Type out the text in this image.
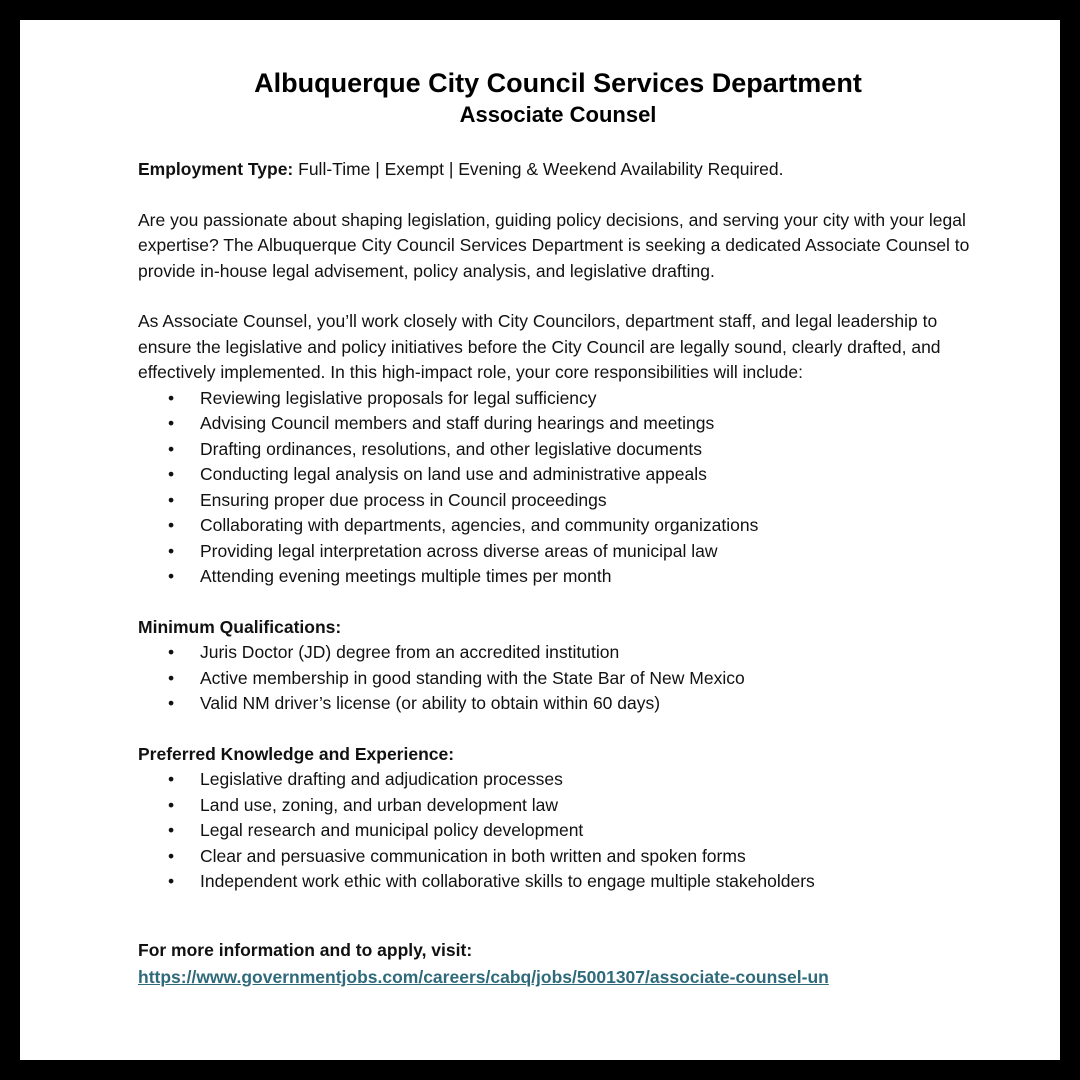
Albuquerque City Council Services Department
Associate Counsel
Employment Type: Full-Time | Exempt | Evening & Weekend Availability Required.

Are you passionate about shaping legislation, guiding policy decisions, and serving your city with your legal expertise? The Albuquerque City Council Services Department is seeking a dedicated Associate Counsel to provide in-house legal advisement, policy analysis, and legislative drafting.

As Associate Counsel, you’ll work closely with City Councilors, department staff, and legal leadership to ensure the legislative and policy initiatives before the City Council are legally sound, clearly drafted, and effectively implemented. In this high-impact role, your core responsibilities will include:

•	Reviewing legislative proposals for legal sufficiency
•	Advising Council members and staff during hearings and meetings
•	Drafting ordinances, resolutions, and other legislative documents
•	Conducting legal analysis on land use and administrative appeals
•	Ensuring proper due process in Council proceedings
•	Collaborating with departments, agencies, and community organizations
•	Providing legal interpretation across diverse areas of municipal law
•	Attending evening meetings multiple times per month
Minimum Qualifications:
•	Juris Doctor (JD) degree from an accredited institution
•	Active membership in good standing with the State Bar of New Mexico
•	Valid NM driver’s license (or ability to obtain within 60 days)
Preferred Knowledge and Experience:
•	Legislative drafting and adjudication processes
•	Land use, zoning, and urban development law
•	Legal research and municipal policy development
•	Clear and persuasive communication in both written and spoken forms
•	Independent work ethic with collaborative skills to engage multiple stakeholders
For more information and to apply, visit:
https://www.governmentjobs.com/careers/cabq/jobs/5001307/associate-counsel-un
